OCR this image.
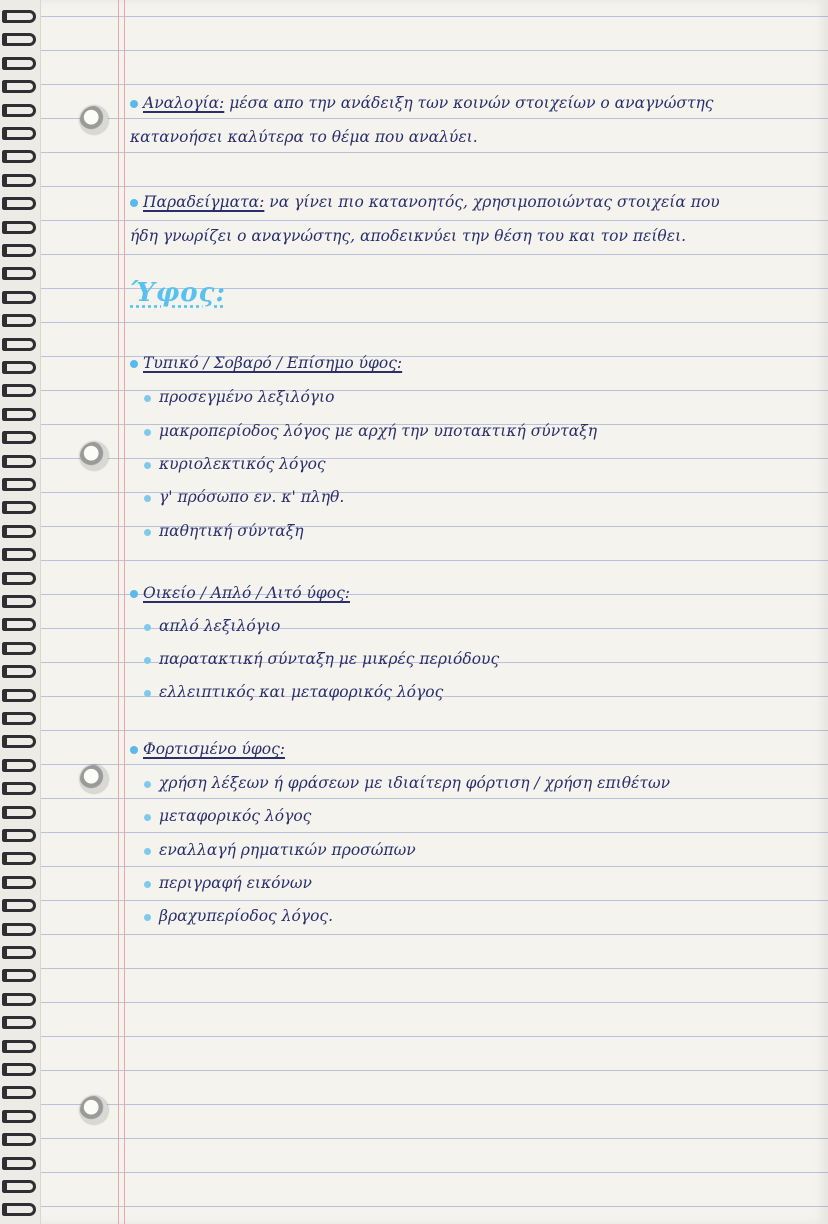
Αναλογία: μέσα απο την ανάδειξη των κοινών στοιχείων ο αναγνώστης
κατανοήσει καλύτερα το θέμα που αναλύει.
Παραδείγματα: να γίνει πιο κατανοητός, χρησιμοποιώντας στοιχεία που
ήδη γνωρίζει ο αναγνώστης, αποδεικνύει την θέση του και τον πείθει.
Ύφος:
Τυπικό / Σοβαρό / Επίσημο ύφος:
προσεγμένο λεξιλόγιο
μακροπερίοδος λόγος με αρχή την υποτακτική σύνταξη
κυριολεκτικός λόγος
γ' πρόσωπο εν. κ' πληθ.
παθητική σύνταξη
Οικείο / Απλό / Λιτό ύφος:
απλό λεξιλόγιο
παρατακτική σύνταξη με μικρές περιόδους
ελλειπτικός και μεταφορικός λόγος
Φορτισμένο ύφος:
χρήση λέξεων ή φράσεων με ιδιαίτερη φόρτιση / χρήση επιθέτων
μεταφορικός λόγος
εναλλαγή ρηματικών προσώπων
περιγραφή εικόνων
βραχυπερίοδος λόγος.
